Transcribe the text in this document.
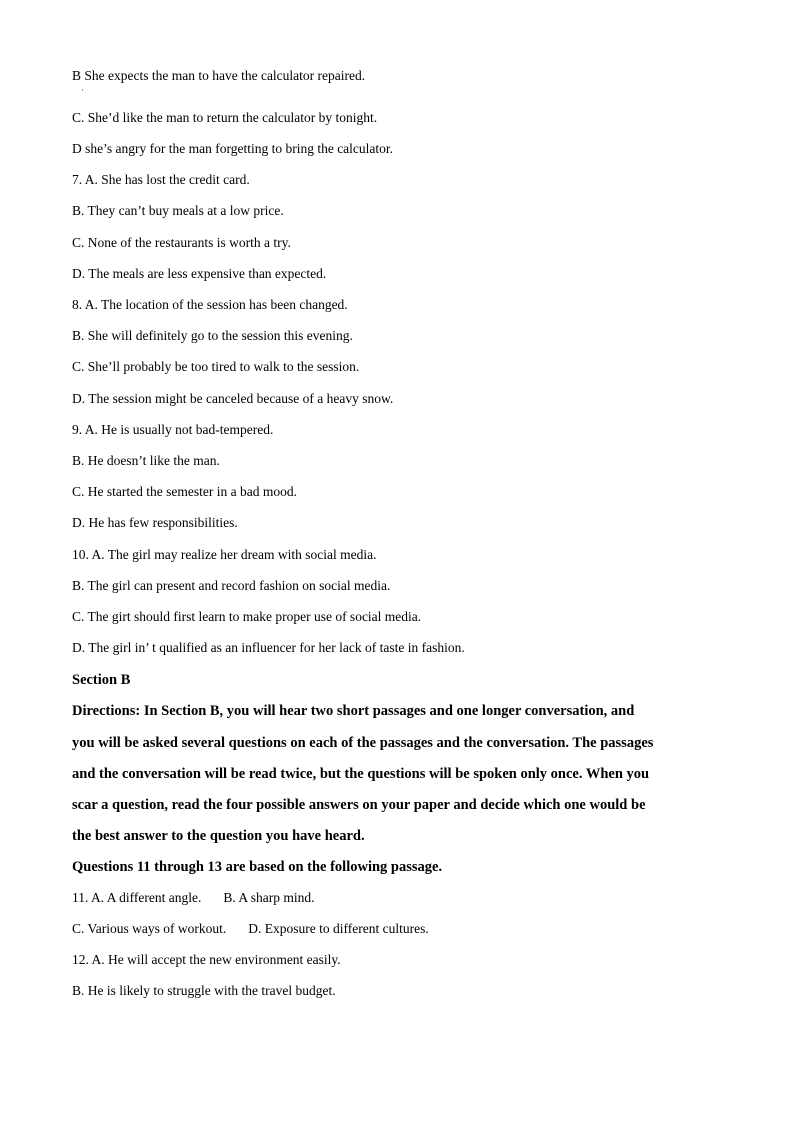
B She expects the man to have the calculator repaired.
·
C. She’d like the man to return the calculator by tonight.
D she’s angry for the man forgetting to bring the calculator.
7. A. She has lost the credit card.
B. They can’t buy meals at a low price.
C. None of the restaurants is worth a try.
D. The meals are less expensive than expected.
8. A. The location of the session has been changed.
B. She will definitely go to the session this evening.
C. She’ll probably be too tired to walk to the session.
D. The session might be canceled because of a heavy snow.
9. A. He is usually not bad-tempered.
B. He doesn’t like the man.
C. He started the semester in a bad mood.
D. He has few responsibilities.
10. A. The girl may realize her dream with social media.
B. The girl can present and record fashion on social media.
C. The girt should first learn to make proper use of social media.
D. The girl in’ t qualified as an influencer for her lack of taste in fashion.
Section B
Directions: In Section B, you will hear two short passages and one longer conversation, and
you will be asked several questions on each of the passages and the conversation. The passages
and the conversation will be read twice, but the questions will be spoken only once. When you
scar a question, read the four possible answers on your paper and decide which one would be
the best answer to the question you have heard.
Questions 11 through 13 are based on the following passage.
11. A. A different angle. B. A sharp mind.
C. Various ways of workout. D. Exposure to different cultures.
12. A. He will accept the new environment easily.
B. He is likely to struggle with the travel budget.
